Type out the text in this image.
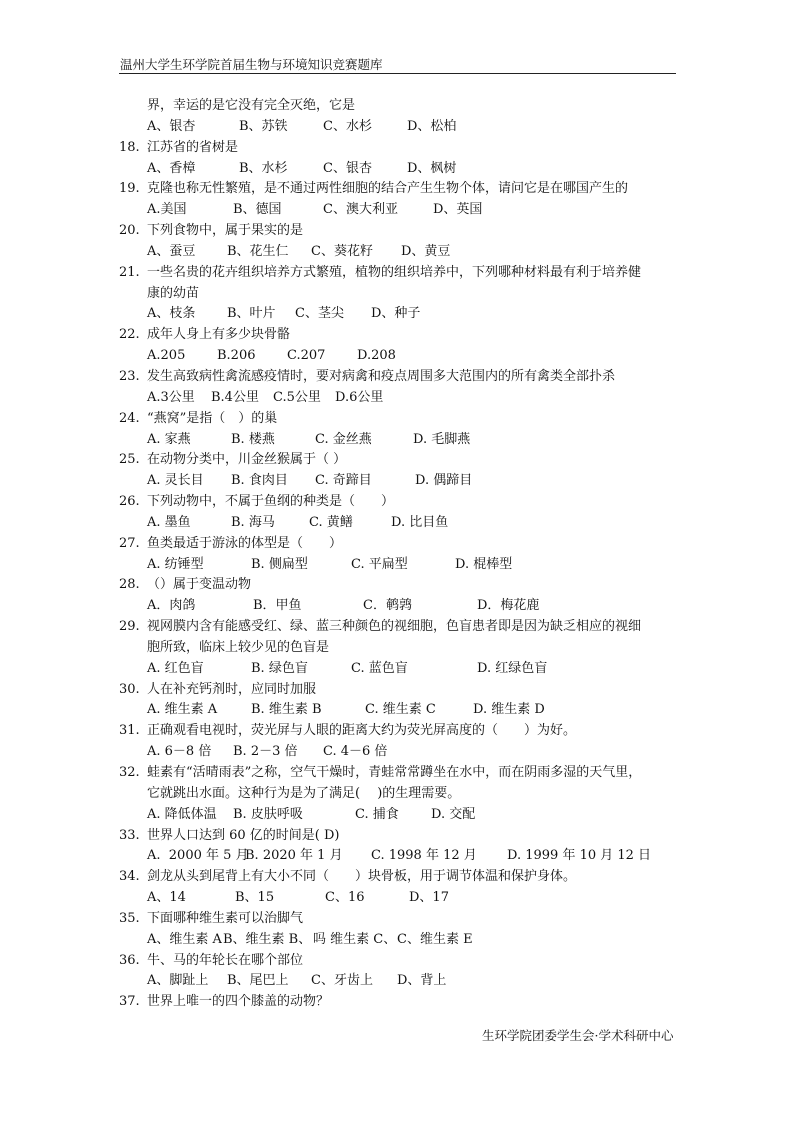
温州大学生环学院首届生物与环境知识竞赛题库
界，幸运的是它没有完全灭绝，它是
A、银杏	B、苏铁	C、水杉	D、松柏
18. 江苏省的省树是
A、香樟	B、水杉	C、银杏	D、枫树
19. 克隆也称无性繁殖，是不通过两性细胞的结合产生生物个体，请问它是在哪国产生的
A.美国	B、德国	C、澳大利亚	D、英国
20. 下列食物中，属于果实的是
A、蚕豆	B、花生仁	C、葵花籽	D、黄豆
21. 一些名贵的花卉组织培养方式繁殖，植物的组织培养中，下列哪种材料最有利于培养健
康的幼苗
A、枝条	B、叶片	C、茎尖	D、种子
22. 成年人身上有多少块骨骼
A.205	B.206	C.207	D.208
23. 发生高致病性禽流感疫情时，要对病禽和疫点周围多大范围内的所有禽类全部扑杀
A.3公里	B.4公里	C.5公里	D.6公里
24. “燕窝”是指（　）的巢
A. 家燕	B. 楼燕	C. 金丝燕	D. 毛脚燕
25. 在动物分类中，川金丝猴属于（ ）
A. 灵长目	B. 食肉目	C. 奇蹄目	D. 偶蹄目
26. 下列动物中，不属于鱼纲的种类是（　　）
A. 墨鱼	B. 海马	C. 黄鳝	D. 比目鱼
27. 鱼类最适于游泳的体型是（　　）
A. 纺锤型	B. 侧扁型	C. 平扁型	D. 棍棒型
28. （）属于变温动物
A．肉鸽	B．甲鱼	C．鹌鹑	D．梅花鹿
29. 视网膜内含有能感受红、绿、蓝三种颜色的视细胞，色盲患者即是因为缺乏相应的视细
胞所致，临床上较少见的色盲是
A. 红色盲	B. 绿色盲	C. 蓝色盲	D. 红绿色盲
30. 人在补充钙剂时，应同时加服
A. 维生素 A	B. 维生素 B	C. 维生素 C	D. 维生素 D
31. 正确观看电视时，荧光屏与人眼的距离大约为荧光屏高度的（　　）为好。
A. 6－8 倍	B. 2－3 倍	C. 4－6 倍
32. 蛙素有“活晴雨表”之称，空气干燥时，青蛙常常蹲坐在水中，而在阴雨多湿的天气里，
它就跳出水面。这种行为是为了满足(　 )的生理需要。
A. 降低体温	B. 皮肤呼吸	C. 捕食	D. 交配
33. 世界人口达到 60 亿的时间是( D)
A.  2000 年 5 月
B. 2020 年 1 月	C. 1998 年 12 月	D. 1999 年 10 月 12 日
34. 剑龙从头到尾背上有大小不同（　　）块骨板，用于调节体温和保护身体。
A、14	B、15	C、16	D、17
35. 下面哪种维生素可以治脚气
A、维生素 A B、维生素 B、 吗 维生素 C、 C、维生素 E
36. 牛、马的年轮长在哪个部位
A、脚趾上	B、尾巴上	C、牙齿上	D、背上
37. 世界上唯一的四个膝盖的动物？
生环学院团委学生会·学术科研中心
